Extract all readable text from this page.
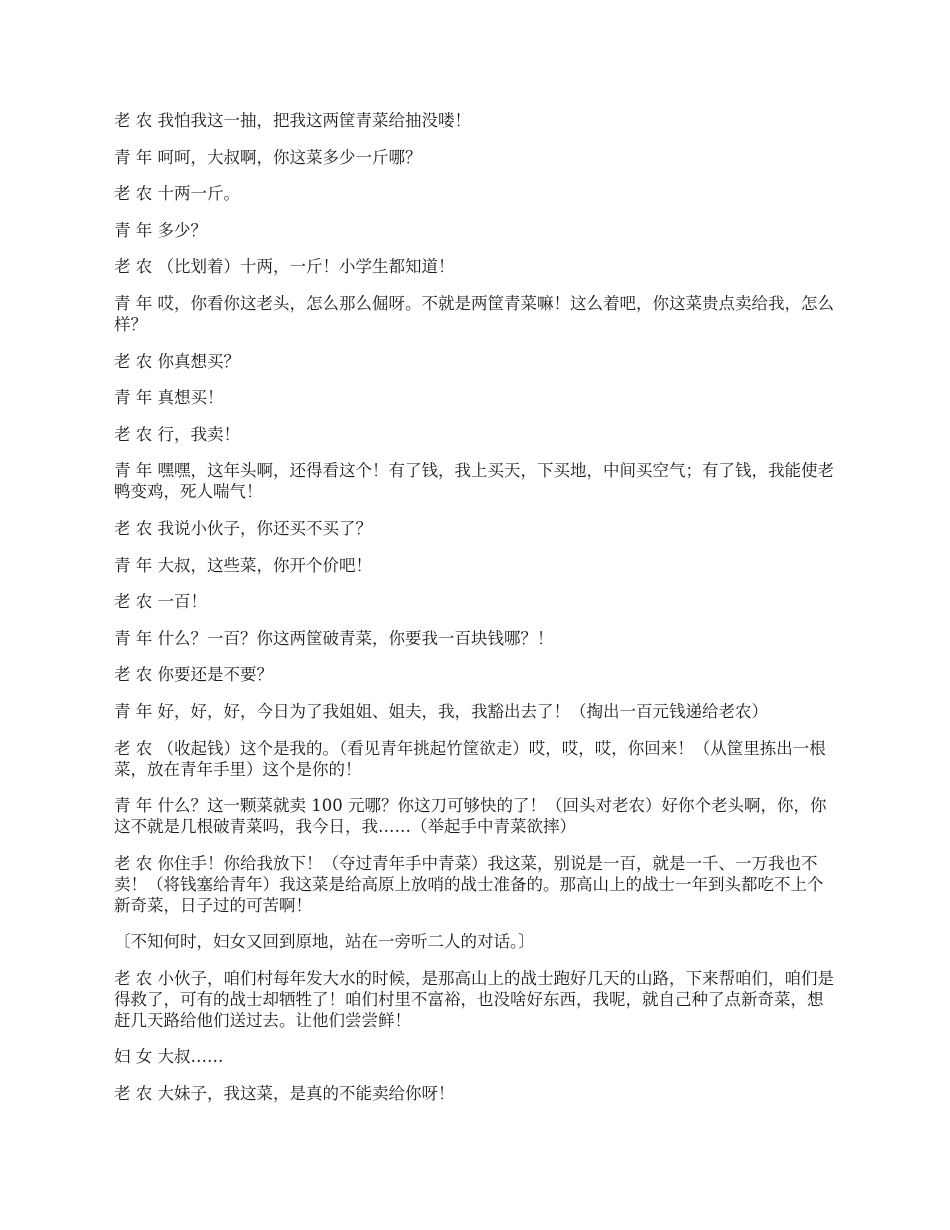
老 农 我怕我这一抽，把我这两筐青菜给抽没喽！

青 年 呵呵，大叔啊，你这菜多少一斤哪？

老 农 十两一斤。

青 年 多少？

老 农 （比划着）十两，一斤！小学生都知道！

青 年 哎，你看你这老头，怎么那么倔呀。不就是两筐青菜嘛！这么着吧，你这菜贵点卖给我，怎么样？

老 农 你真想买？

青 年 真想买！

老 农 行，我卖！

青 年 嘿嘿，这年头啊，还得看这个！有了钱，我上买天，下买地，中间买空气；有了钱，我能使老鸭变鸡，死人喘气！

老 农 我说小伙子，你还买不买了？

青 年 大叔，这些菜，你开个价吧！

老 农 一百！

青 年 什么？一百？你这两筐破青菜，你要我一百块钱哪？！

老 农 你要还是不要？

青 年 好，好，好，今日为了我姐姐、姐夫，我，我豁出去了！（掏出一百元钱递给老农）

老 农 （收起钱）这个是我的。（看见青年挑起竹筐欲走）哎，哎，哎，你回来！（从筐里拣出一根菜，放在青年手里）这个是你的！

青 年 什么？这一颗菜就卖 100 元哪？你这刀可够快的了！（回头对老农）好你个老头啊，你，你这不就是几根破青菜吗，我今日，我……（举起手中青菜欲摔）

老 农 你住手！你给我放下！（夺过青年手中青菜）我这菜，别说是一百，就是一千、一万我也不卖！（将钱塞给青年）我这菜是给高原上放哨的战士准备的。那高山上的战士一年到头都吃不上个新奇菜，日子过的可苦啊！

〔不知何时，妇女又回到原地，站在一旁听二人的对话。〕

老 农 小伙子，咱们村每年发大水的时候，是那高山上的战士跑好几天的山路，下来帮咱们，咱们是得救了，可有的战士却牺牲了！咱们村里不富裕，也没啥好东西，我呢，就自己种了点新奇菜，想赶几天路给他们送过去。让他们尝尝鲜！

妇 女 大叔……

老 农 大妹子，我这菜，是真的不能卖给你呀！
